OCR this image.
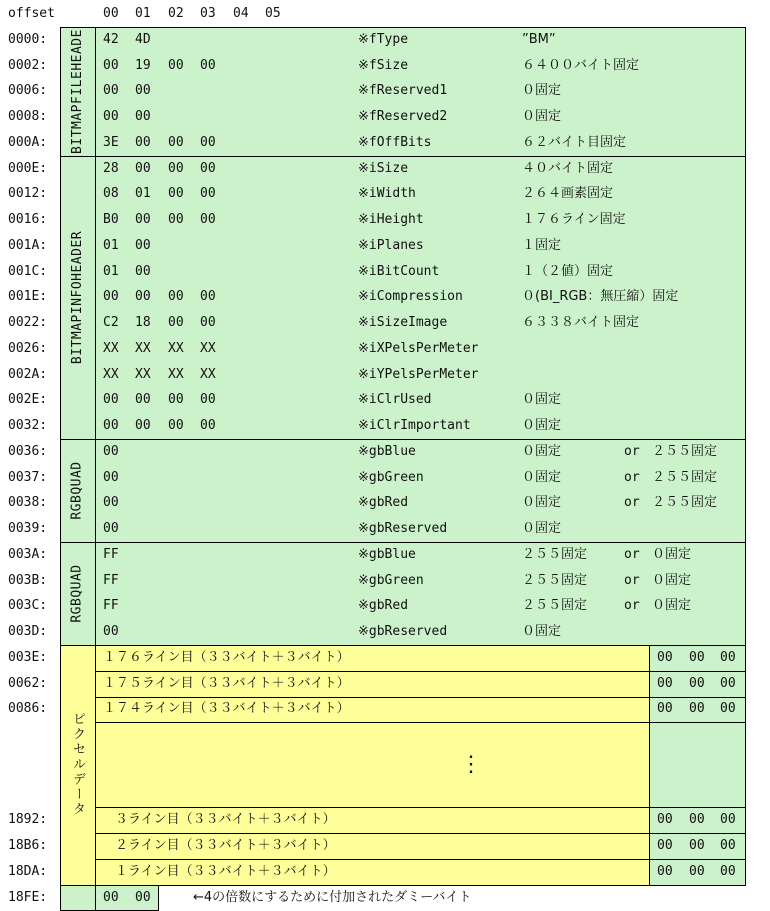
offset	00 01 02 03 04 05
0000:	42 4D	※fType	”BM”
0002:	00 19 00 00	※fSize	６４００バイト固定
0006:	00 00	※fReserved1	０固定
0008:	00 00	※fReserved2	０固定
000A:	3E 00 00 00	※fOffBits	６２バイト目固定
BITMAPFILEHEADE
000E:	28 00 00 00	※iSize	４０バイト固定
0012:	08 01 00 00	※iWidth	２６４画素固定
0016:	B0 00 00 00	※iHeight	１７６ライン固定
001A:	01 00	※iPlanes	１固定
001C:	01 00	※iBitCount	１（２値）固定
001E:	00 00 00 00	※iCompression	０(BI_RGB：無圧縮）固定
0022:	C2 18 00 00	※iSizeImage	６３３８バイト固定
0026:	XX XX XX XX	※iXPelsPerMeter
002A:	XX XX XX XX	※iYPelsPerMeter
002E:	00 00 00 00	※iClrUsed	０固定
0032:	00 00 00 00	※iClrImportant	０固定
BITMAPINFOHEADER
0036:	00	※gbBlue	０固定	or ２５５固定
0037:	00	※gbGreen	０固定	or ２５５固定
0038:	00	※gbRed	０固定	or ２５５固定
0039:	00	※gbReserved	０固定
RGBQUAD
003A:	FF	※gbBlue	２５５固定	or ０固定
003B:	FF	※gbGreen	２５５固定	or ０固定
003C:	FF	※gbRed	２５５固定	or ０固定
003D:	00	※gbReserved	０固定
RGBQUAD
003E:	１７６ライン目（３３バイト＋３バイト）	00 00 00
0062:	１７５ライン目（３３バイト＋３バイト）	00 00 00
0086:	１７４ライン目（３３バイト＋３バイト）	00 00 00
⋮
1892:	３ライン目（３３バイト＋３バイト）	00 00 00
18B6:	２ライン目（３３バイト＋３バイト）	00 00 00
18DA:	１ライン目（３３バイト＋３バイト）	00 00 00
ピクセルデータ
18FE:	00 00	←4の倍数にするために付加されたダミーバイト
